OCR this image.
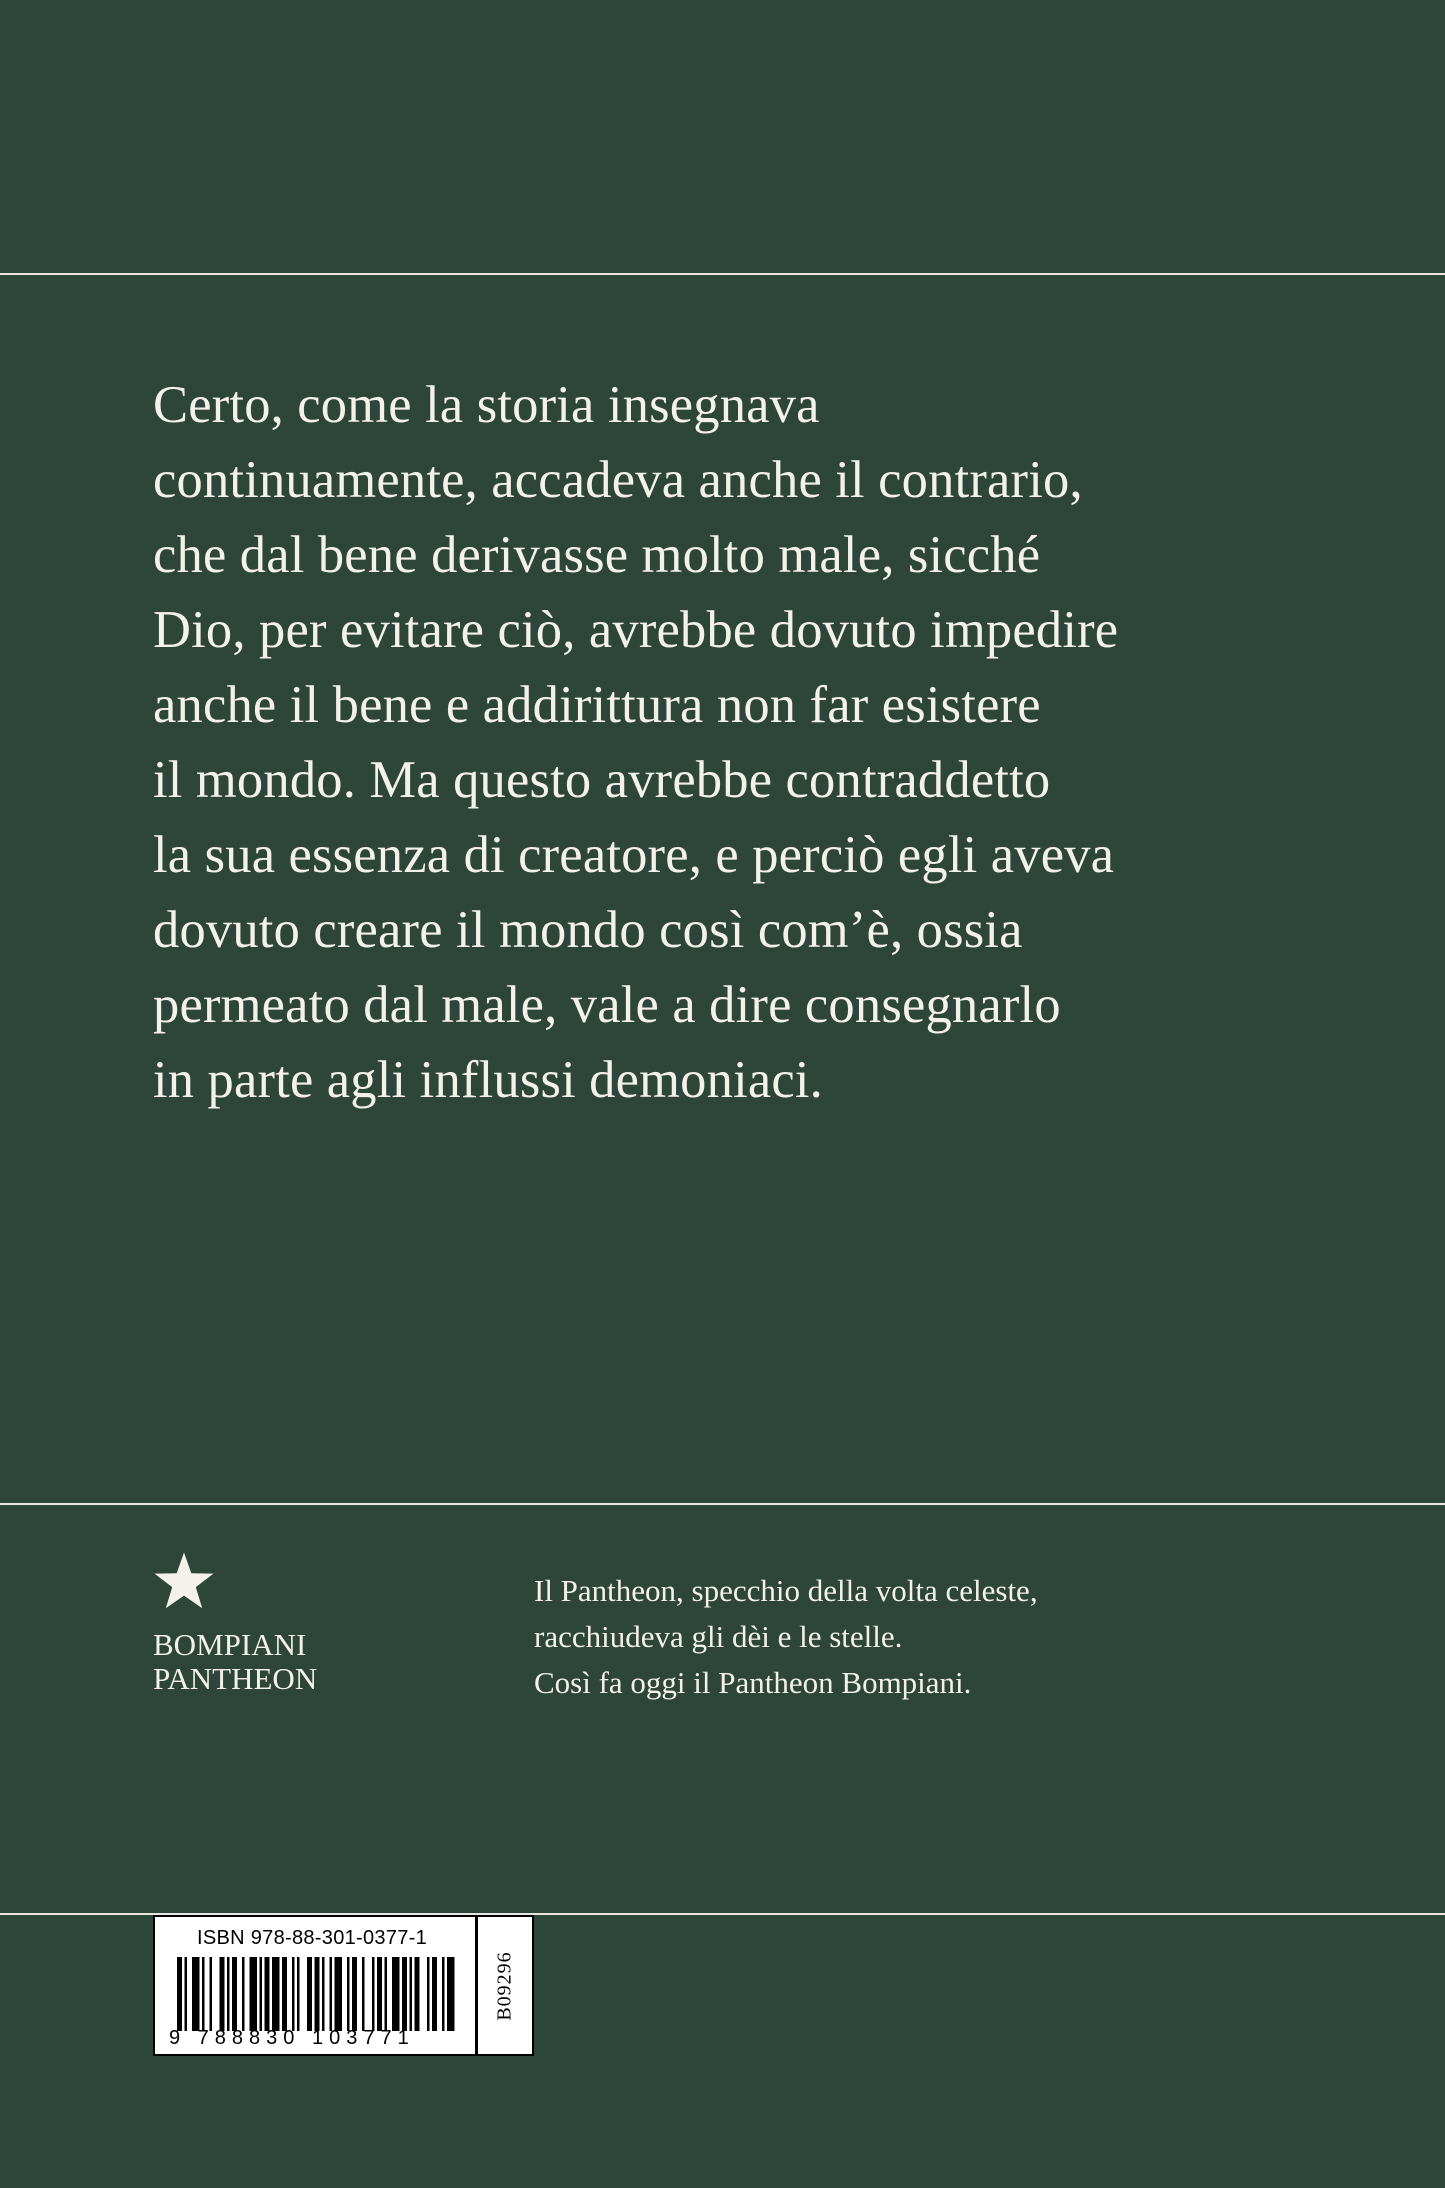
Certo, come la storia insegnava
continuamente, accadeva anche il contrario,
che dal bene derivasse molto male, sicché
Dio, per evitare ciò, avrebbe dovuto impedire
anche il bene e addirittura non far esistere
il mondo. Ma questo avrebbe contraddetto
la sua essenza di creatore, e perciò egli aveva
dovuto creare il mondo così com’è, ossia
permeato dal male, vale a dire consegnarlo
in parte agli influssi demoniaci.
BOMPIANI
PANTHEON
Il Pantheon, specchio della volta celeste,
racchiudeva gli dèi e le stelle.
Così fa oggi il Pantheon Bompiani.
ISBN 978-88-301-0377-1
9 788830 103771
B09296
